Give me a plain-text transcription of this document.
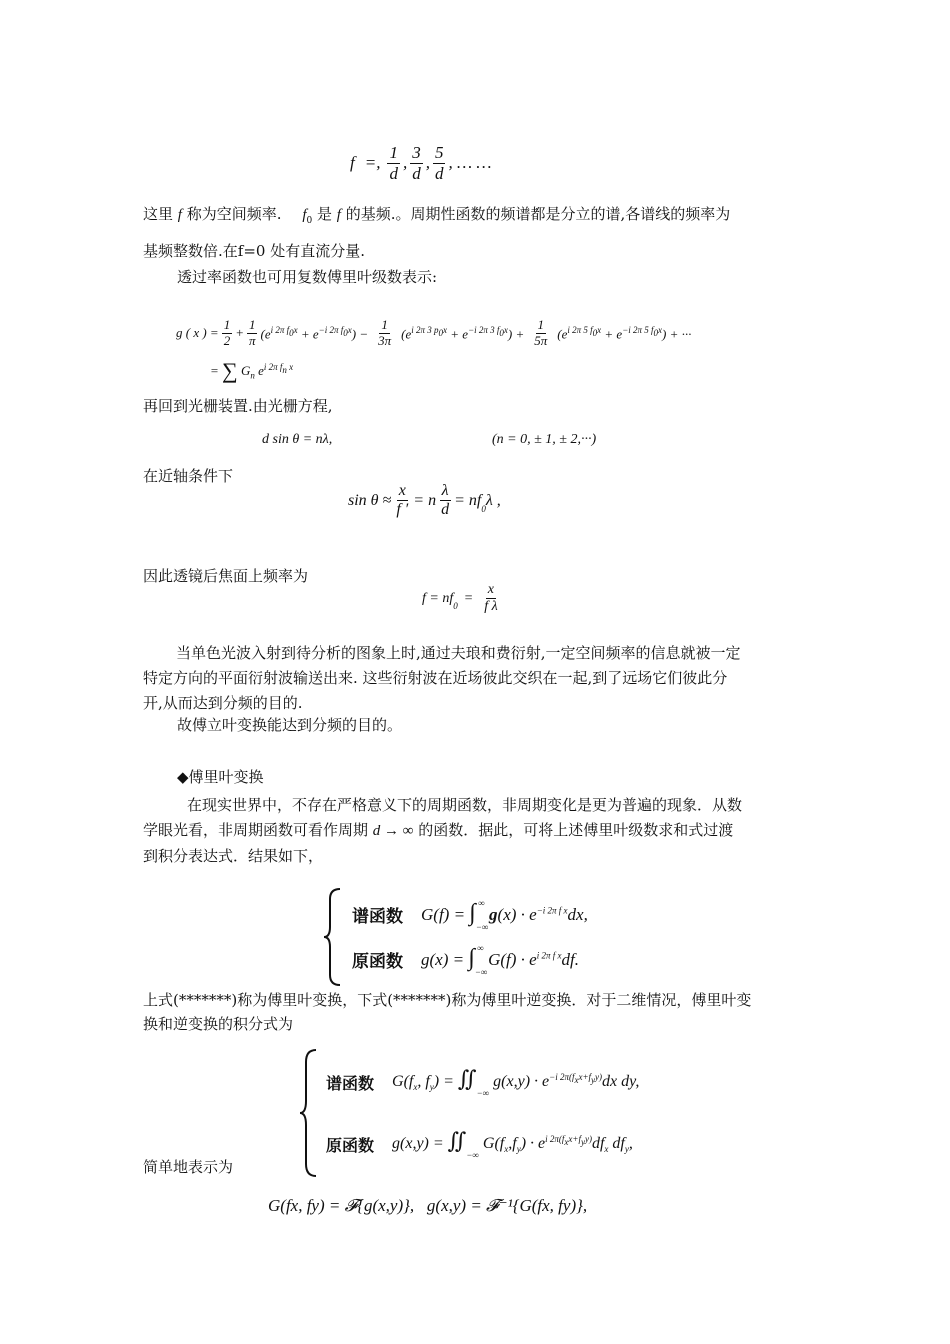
f =, $\frac{1}{d}$ , $\frac{3}{d}$ , $\frac{5}{d}$ , … …
这里 f 称为空间频率. $f_0$ 是 f 的基频.。周期性函数的频谱都是分立的谱,各谱线的频率为
基频整数倍.在f=0 处有直流分量.
透过率函数也可用复数傅里叶级数表示:
g ( x ) = $\frac{1}{2} + \frac{1}{\pi} (e^{i 2\pi f_0x} + e^{-i 2\pi f_0x}) - \frac{1}{3\pi} (e^{i 2\pi 3 p_0x} + e^{-i 2\pi 3 f_0x}) + \frac{1}{5\pi} (e^{i 2\pi 5 f_0x} + e^{-i 2\pi 5 f_0x})$ + ···
= ∑ $G_n$ $e^{i 2\pi f_n x}$
再回到光栅装置.由光栅方程,
d sin θ = nλ,	(n = 0, ± 1, ± 2,···)
在近轴条件下
$\sin \theta \approx \frac{x}{f '} = n \frac{\lambda}{d} = nf_0$ λ ,
因此透镜后焦面上频率为
$f = nf_0 = \frac{x}{\text{f λ}}$
当单色光波入射到待分析的图象上时,通过夫琅和费衍射,一定空间频率的信息就被一定
特定方向的平面衍射波输送出来. 这些衍射波在近场彼此交织在一起,到了远场它们彼此分
开,从而达到分频的目的.
故傅立叶变换能达到分频的目的。
◆傅里叶变换
在现实世界中，不存在严格意义下的周期函数，非周期变化是更为普遍的现象．从数
学眼光看，非周期函数可看作周期 d → ∞ 的函数．据此，可将上述傅里叶级数求和式过渡
到积分表达式．结果如下，
谱函数 $G(f) = \int_{-\infty}^\infty$ $g(x) \cdot e^{-i 2\pi f x}dx$,
原函数 $g(x) = \int_{-\infty}^\infty$ $G(f) \cdot e^{i 2\pi f x}df$.
上式(*******)称为傅里叶变换，下式(*******)称为傅里叶逆变换．对于二维情况，傅里叶变
换和逆变换的积分式为
谱函数 $G(f_x$, $f_y$) = $∬_{-\infty}$ $g(x,y) \cdot e^{-i 2\pi(f_xx+f_yy)}dx$ dy,
原函数 $g(x,y) = ∬_{-\infty}$ $G(f_x,f_y) \cdot e^{i 2\pi(f_xx+f_yy)}df_x$ $df_y$,
简单地表示为
G(fx, fy) = 𝓕{g(x,y)},   g(x,y) = 𝓕⁻¹{G(fx, fy)},
